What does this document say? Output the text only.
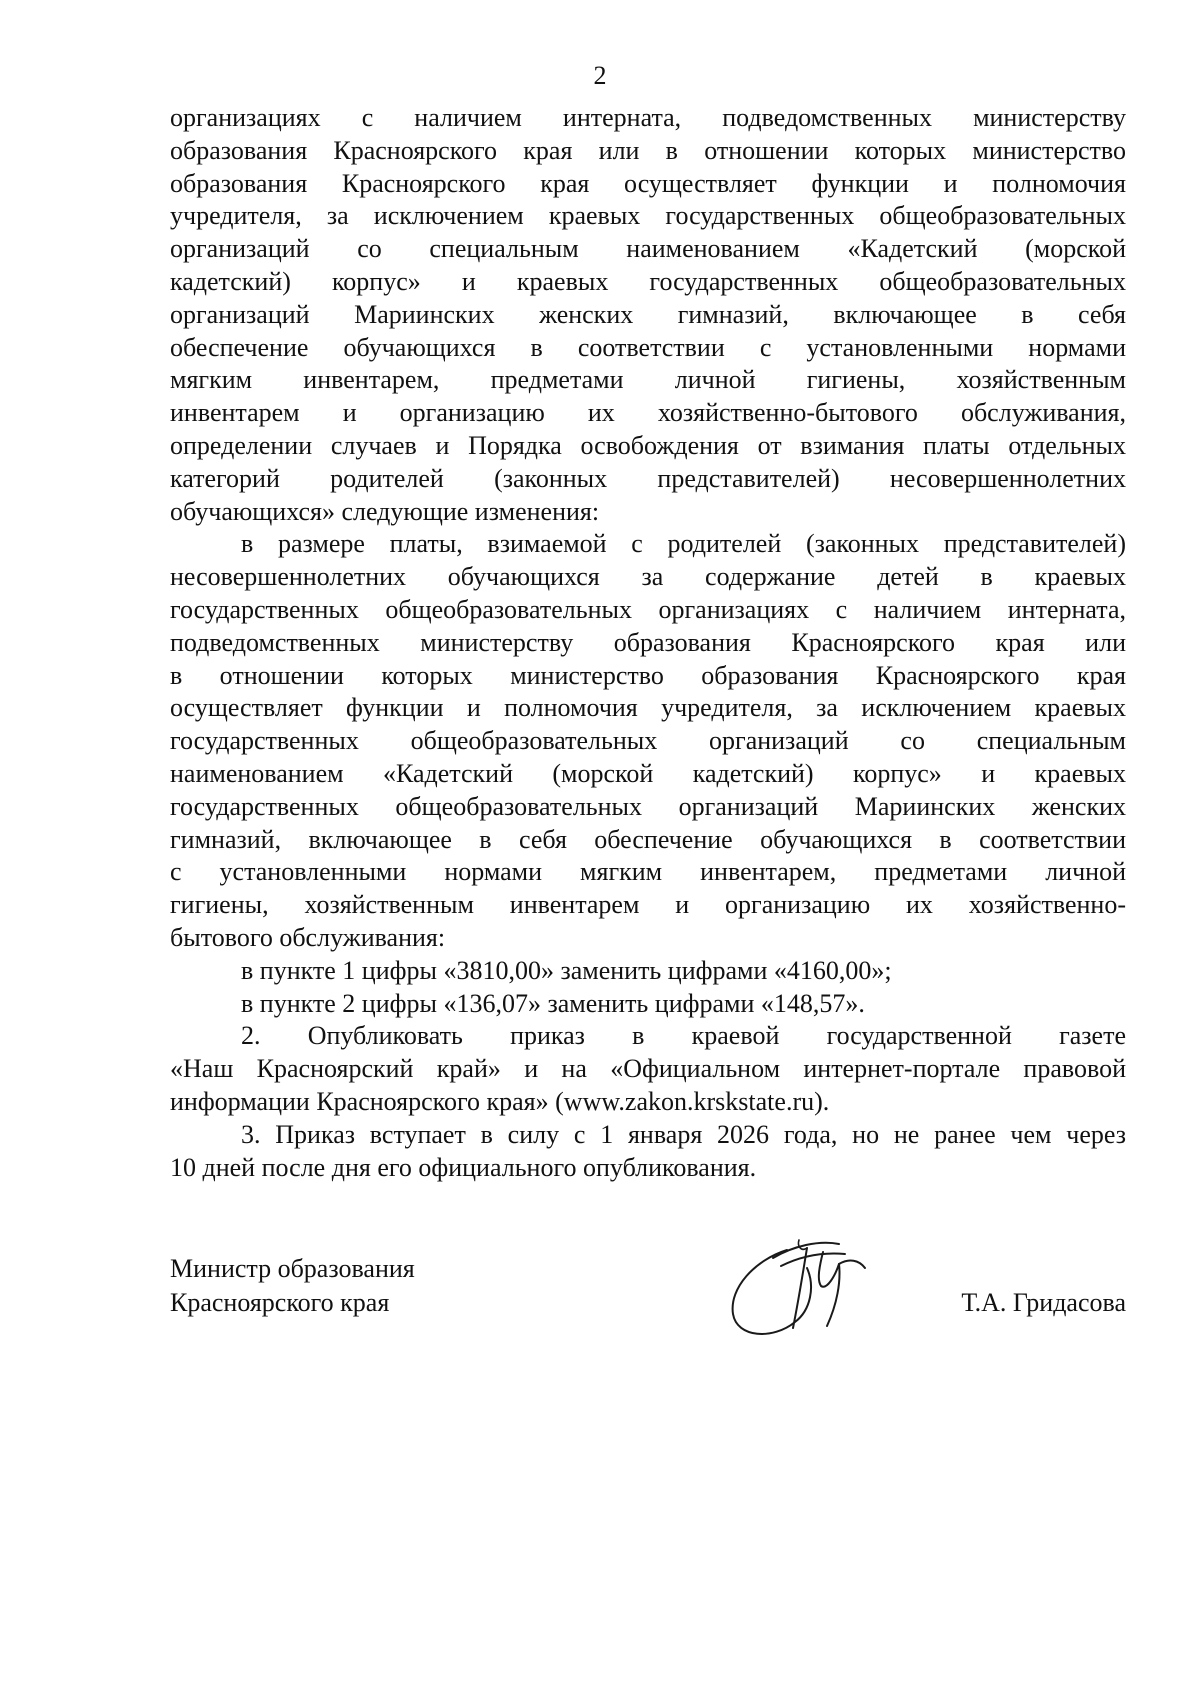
2
организациях с наличием интерната, подведомственных министерству
образования Красноярского края или в отношении которых министерство
образования Красноярского края осуществляет функции и полномочия
учредителя, за исключением краевых государственных общеобразовательных
организаций со специальным наименованием «Кадетский (морской
кадетский) корпус» и краевых государственных общеобразовательных
организаций Мариинских женских гимназий, включающее в себя
обеспечение обучающихся в соответствии с установленными нормами
мягким инвентарем, предметами личной гигиены, хозяйственным
инвентарем и организацию их хозяйственно-бытового обслуживания,
определении случаев и Порядка освобождения от взимания платы отдельных
категорий родителей (законных представителей) несовершеннолетних
обучающихся» следующие изменения:
в размере платы, взимаемой с родителей (законных представителей)
несовершеннолетних обучающихся за содержание детей в краевых
государственных общеобразовательных организациях с наличием интерната,
подведомственных министерству образования Красноярского края или
в отношении которых министерство образования Красноярского края
осуществляет функции и полномочия учредителя, за исключением краевых
государственных общеобразовательных организаций со специальным
наименованием «Кадетский (морской кадетский) корпус» и краевых
государственных общеобразовательных организаций Мариинских женских
гимназий, включающее в себя обеспечение обучающихся в соответствии
с установленными нормами мягким инвентарем, предметами личной
гигиены, хозяйственным инвентарем и организацию их хозяйственно-
бытового обслуживания:
в пункте 1 цифры «3810,00» заменить цифрами «4160,00»;
в пункте 2 цифры «136,07» заменить цифрами «148,57».
2. Опубликовать приказ в краевой государственной газете
«Наш Красноярский край» и на «Официальном интернет-портале правовой
информации Красноярского края» (www.zakon.krskstate.ru).
3. Приказ вступает в силу с 1 января 2026 года, но не ранее чем через
10 дней после дня его официального опубликования.
Министр образования
Красноярского края	Т.А. Гридасова
